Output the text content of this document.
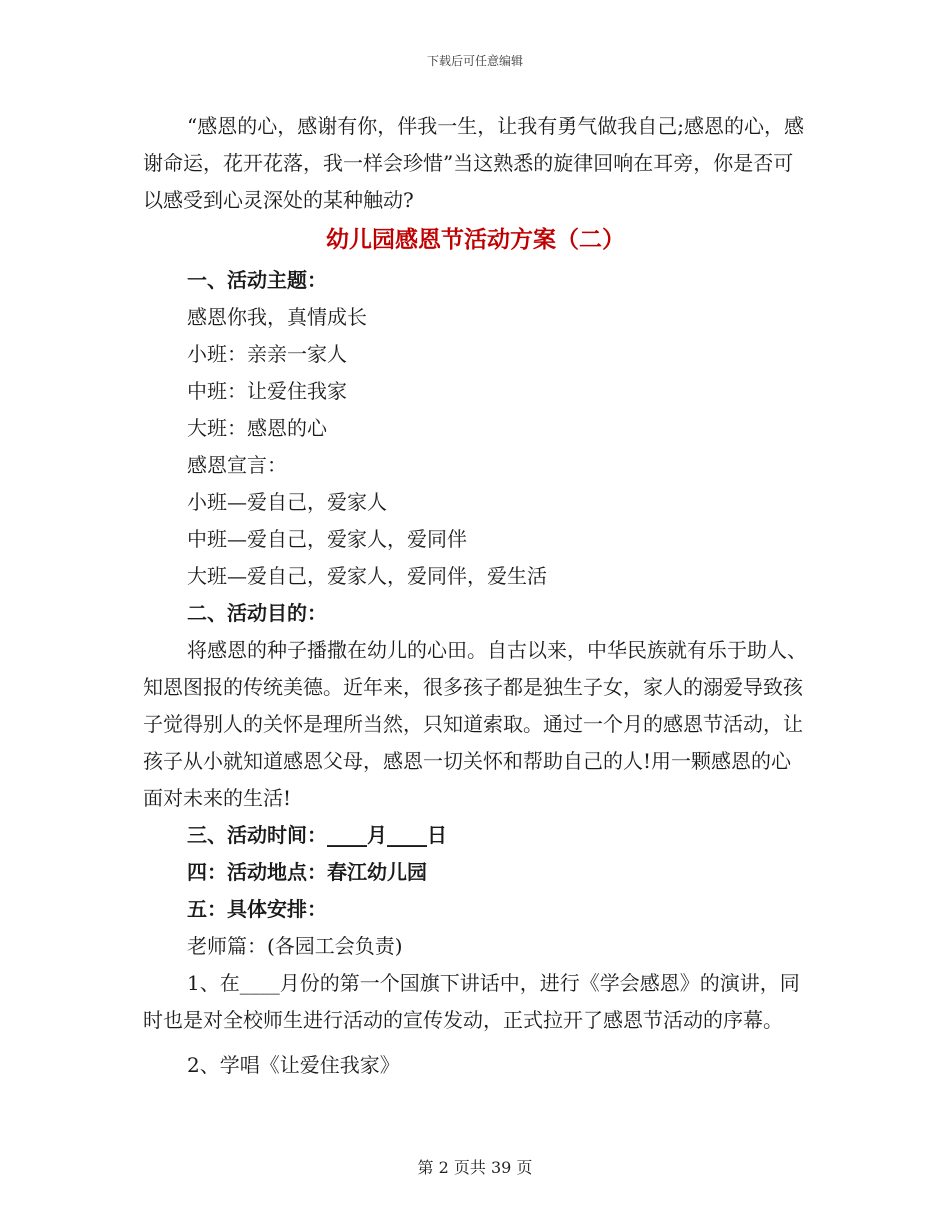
下载后可任意编辑

“感恩的心，感谢有你，伴我一生，让我有勇气做我自己;感恩的心，感谢命运，花开花落，我一样会珍惜”当这熟悉的旋律回响在耳旁，你是否可以感受到心灵深处的某种触动?

幼儿园感恩节活动方案（二）

一、活动主题：

感恩你我，真情成长

小班：亲亲一家人

中班：让爱住我家

大班：感恩的心

感恩宣言：

小班—爱自己，爱家人

中班—爱自己，爱家人，爱同伴

大班—爱自己，爱家人，爱同伴，爱生活

二、活动目的：

将感恩的种子播撒在幼儿的心田。自古以来，中华民族就有乐于助人、知恩图报的传统美德。近年来，很多孩子都是独生子女，家人的溺爱导致孩子觉得别人的关怀是理所当然，只知道索取。通过一个月的感恩节活动，让孩子从小就知道感恩父母，感恩一切关怀和帮助自己的人!用一颗感恩的心面对未来的生活!

三、活动时间：____月____日

四：活动地点：春江幼儿园

五：具体安排：

老师篇：(各园工会负责)

1、在____月份的第一个国旗下讲话中，进行《学会感恩》的演讲，同时也是对全校师生进行活动的宣传发动，正式拉开了感恩节活动的序幕。

2、学唱《让爱住我家》

第 2 页共 39 页
